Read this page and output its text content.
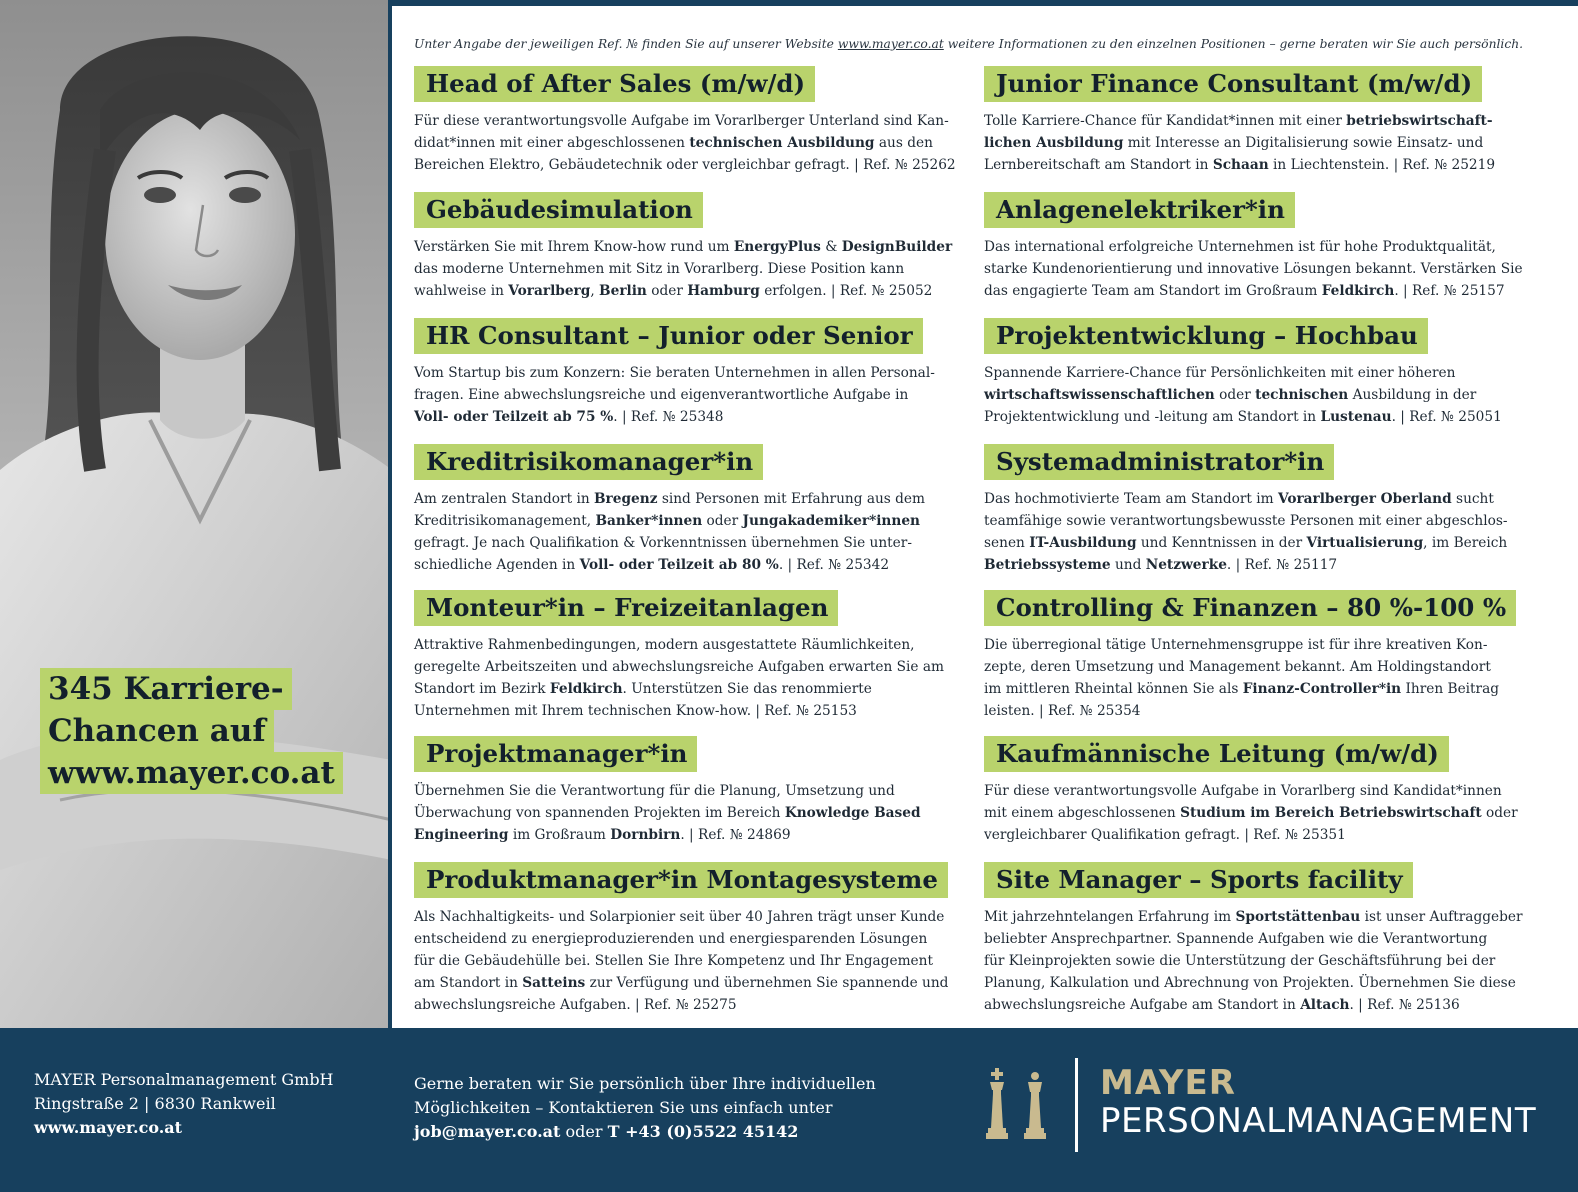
345 Karriere-
Chancen auf
www.mayer.co.at

Unter Angabe der jeweiligen Ref. № finden Sie auf unserer Website www.mayer.co.at weitere Informationen zu den einzelnen Positionen – gerne beraten wir Sie auch persönlich.

Head of After Sales (m/w/d)
Für diese verantwortungsvolle Aufgabe im Vorarlberger Unterland sind Kan-
didat*innen mit einer abgeschlossenen technischen Ausbildung aus den
Bereichen Elektro, Gebäudetechnik oder vergleichbar gefragt. | Ref. № 25262
Gebäudesimulation
Verstärken Sie mit Ihrem Know-how rund um EnergyPlus & DesignBuilder
das moderne Unternehmen mit Sitz in Vorarlberg. Diese Position kann
wahlweise in Vorarlberg, Berlin oder Hamburg erfolgen. | Ref. № 25052
HR Consultant – Junior oder Senior
Vom Startup bis zum Konzern: Sie beraten Unternehmen in allen Personal-
fragen. Eine abwechslungsreiche und eigenverantwortliche Aufgabe in
Voll- oder Teilzeit ab 75 %. | Ref. № 25348
Kreditrisikomanager*in
Am zentralen Standort in Bregenz sind Personen mit Erfahrung aus dem
Kreditrisikomanagement, Banker*innen oder Jungakademiker*innen
gefragt. Je nach Qualifikation & Vorkenntnissen übernehmen Sie unter-
schiedliche Agenden in Voll- oder Teilzeit ab 80 %. | Ref. № 25342
Monteur*in – Freizeitanlagen
Attraktive Rahmenbedingungen, modern ausgestattete Räumlichkeiten,
geregelte Arbeitszeiten und abwechslungsreiche Aufgaben erwarten Sie am
Standort im Bezirk Feldkirch. Unterstützen Sie das renommierte
Unternehmen mit Ihrem technischen Know-how. | Ref. № 25153
Projektmanager*in
Übernehmen Sie die Verantwortung für die Planung, Umsetzung und
Überwachung von spannenden Projekten im Bereich Knowledge Based
Engineering im Großraum Dornbirn. | Ref. № 24869
Produktmanager*in Montagesysteme
Als Nachhaltigkeits- und Solarpionier seit über 40 Jahren trägt unser Kunde
entscheidend zu energieproduzierenden und energiesparenden Lösungen
für die Gebäudehülle bei. Stellen Sie Ihre Kompetenz und Ihr Engagement
am Standort in Satteins zur Verfügung und übernehmen Sie spannende und
abwechslungsreiche Aufgaben. | Ref. № 25275
Junior Finance Consultant (m/w/d)
Tolle Karriere-Chance für Kandidat*innen mit einer betriebswirtschaft-
lichen Ausbildung mit Interesse an Digitalisierung sowie Einsatz- und
Lernbereitschaft am Standort in Schaan in Liechtenstein. | Ref. № 25219
Anlagenelektriker*in
Das international erfolgreiche Unternehmen ist für hohe Produktqualität,
starke Kundenorientierung und innovative Lösungen bekannt. Verstärken Sie
das engagierte Team am Standort im Großraum Feldkirch. | Ref. № 25157
Projektentwicklung – Hochbau
Spannende Karriere-Chance für Persönlichkeiten mit einer höheren
wirtschaftswissenschaftlichen oder technischen Ausbildung in der
Projektentwicklung und -leitung am Standort in Lustenau. | Ref. № 25051
Systemadministrator*in
Das hochmotivierte Team am Standort im Vorarlberger Oberland sucht
teamfähige sowie verantwortungsbewusste Personen mit einer abgeschlos-
senen IT-Ausbildung und Kenntnissen in der Virtualisierung, im Bereich
Betriebssysteme und Netzwerke. | Ref. № 25117
Controlling & Finanzen – 80 %-100 %
Die überregional tätige Unternehmensgruppe ist für ihre kreativen Kon-
zepte, deren Umsetzung und Management bekannt. Am Holdingstandort
im mittleren Rheintal können Sie als Finanz-Controller*in Ihren Beitrag
leisten. | Ref. № 25354
Kaufmännische Leitung (m/w/d)
Für diese verantwortungsvolle Aufgabe in Vorarlberg sind Kandidat*innen
mit einem abgeschlossenen Studium im Bereich Betriebswirtschaft oder
vergleichbarer Qualifikation gefragt. | Ref. № 25351
Site Manager – Sports facility
Mit jahrzehntelangen Erfahrung im Sportstättenbau ist unser Auftraggeber
beliebter Ansprechpartner. Spannende Aufgaben wie die Verantwortung
für Kleinprojekten sowie die Unterstützung der Geschäftsführung bei der
Planung, Kalkulation und Abrechnung von Projekten. Übernehmen Sie diese
abwechslungsreiche Aufgabe am Standort in Altach. | Ref. № 25136
MAYER Personalmanagement GmbH
Ringstraße 2 | 6830 Rankweil
www.mayer.co.at
Gerne beraten wir Sie persönlich über Ihre individuellen
Möglichkeiten – Kontaktieren Sie uns einfach unter
job@mayer.co.at oder T +43 (0)5522 45142
MAYER
PERSONALMANAGEMENT
